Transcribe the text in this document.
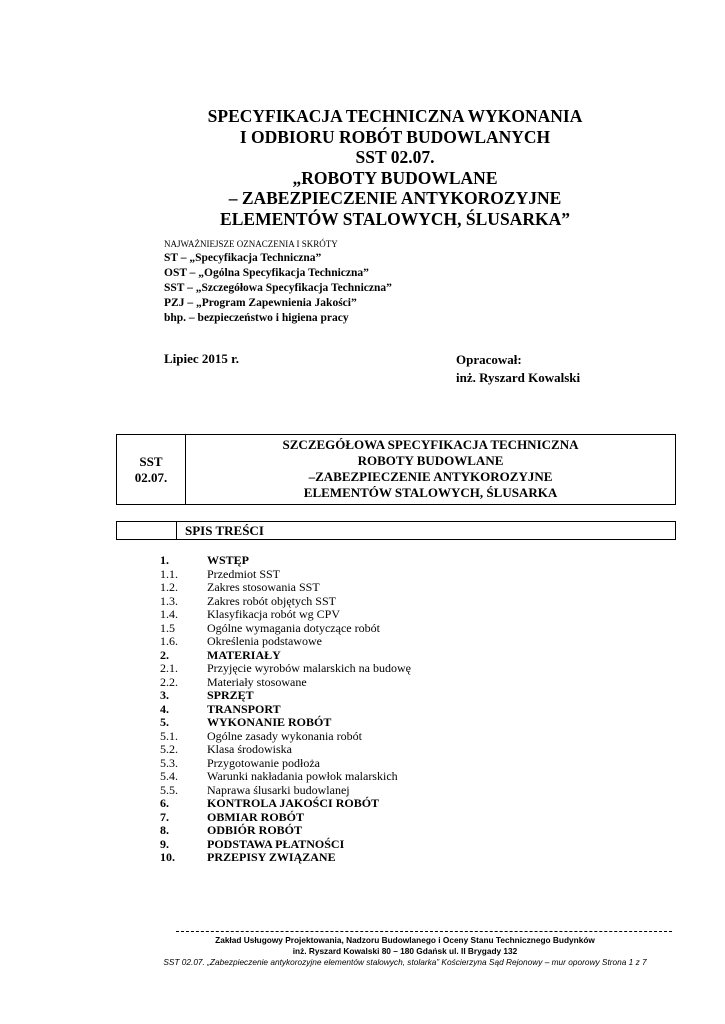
SPECYFIKACJA TECHNICZNA WYKONANIA
I ODBIORU ROBÓT BUDOWLANYCH
SST 02.07.
„ROBOTY BUDOWLANE
– ZABEZPIECZENIE ANTYKOROZYJNE
ELEMENTÓW STALOWYCH, ŚLUSARKA”
NAJWAŻNIEJSZE OZNACZENIA I SKRÓTY
ST – „Specyfikacja Techniczna”
OST – „Ogólna Specyfikacja Techniczna”
SST – „Szczegółowa Specyfikacja Techniczna”
PZJ – „Program Zapewnienia Jakości”
bhp. – bezpieczeństwo i higiena pracy
Lipiec 2015 r.	Opracował:
inż. Ryszard Kowalski
SST
02.07.

SZCZEGÓŁOWA SPECYFIKACJA TECHNICZNA
ROBOTY BUDOWLANE
–ZABEZPIECZENIE ANTYKOROZYJNE
ELEMENTÓW STALOWYCH, ŚLUSARKA
	SPIS TREŚCI
1.	WSTĘP
1.1. Przedmiot SST
1.2. Zakres stosowania SST
1.3. Zakres robót objętych SST
1.4. Klasyfikacja robót wg CPV
1.5	Ogólne wymagania dotyczące robót
1.6. Określenia podstawowe
2.	MATERIAŁY
2.1. Przyjęcie wyrobów malarskich na budowę
2.2. Materiały stosowane
3.	SPRZĘT
4.	TRANSPORT
5.	WYKONANIE ROBÓT
5.1. Ogólne zasady wykonania robót
5.2. Klasa środowiska
5.3. Przygotowanie podłoża
5.4. Warunki nakładania powłok malarskich
5.5. Naprawa ślusarki budowlanej
6.	KONTROLA JAKOŚCI ROBÓT
7.	OBMIAR ROBÓT
8.	ODBIÓR ROBÓT
9.	PODSTAWA PŁATNOŚCI
10.	PRZEPISY ZWIĄZANE
Zakład Usługowy Projektowania, Nadzoru Budowlanego i Oceny Stanu Technicznego Budynków
inż. Ryszard Kowalski 80 – 180 Gdańsk ul. II Brygady 132
SST 02.07. „Zabezpieczenie antykorozyjne elementów stalowych, stolarka” Kościerzyna Sąd Rejonowy – mur oporowy Strona 1 z 7
